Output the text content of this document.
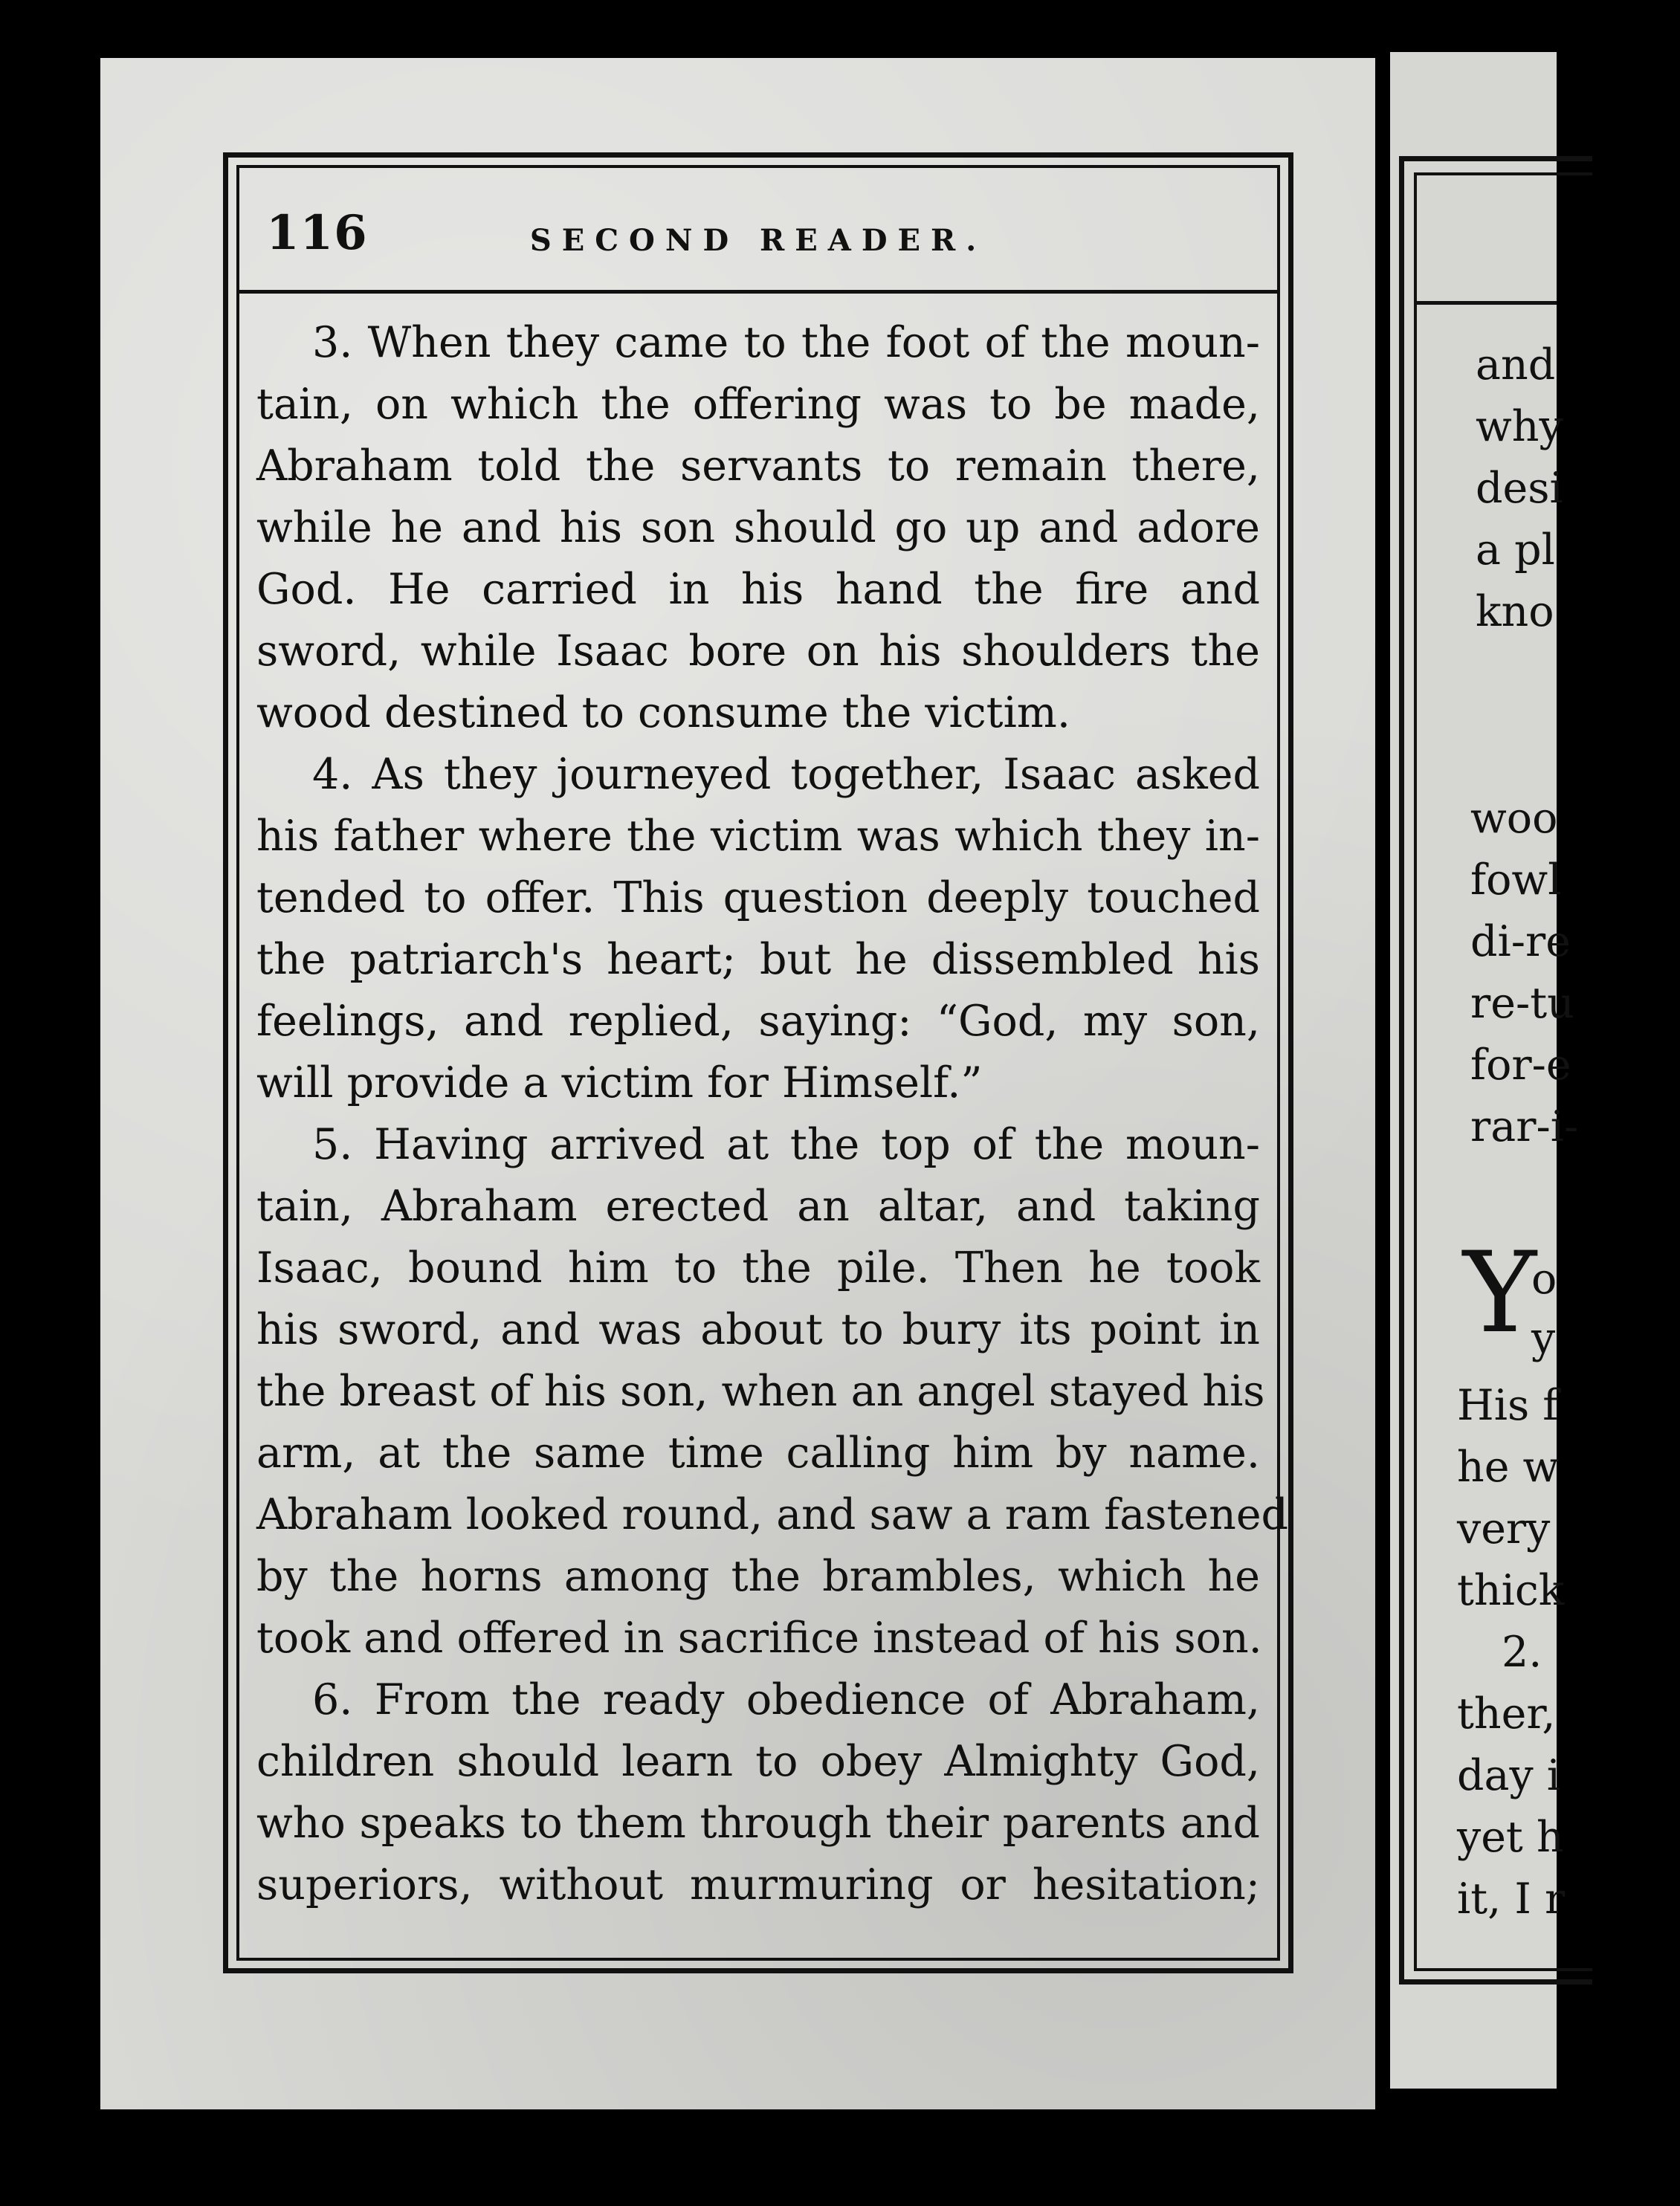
116	SECOND READER.
3. When they came to the foot of the moun-
tain, on which the offering was to be made,
Abraham told the servants to remain there,
while he and his son should go up and adore
God. He carried in his hand the fire and
sword, while Isaac bore on his shoulders the
wood destined to consume the victim.
4. As they journeyed together, Isaac asked
his father where the victim was which they in-
tended to offer. This question deeply touched
the patriarch's heart; but he dissembled his
feelings, and replied, saying: “God, my son,
will provide a victim for Himself.”
5. Having arrived at the top of the moun-
tain, Abraham erected an altar, and taking
Isaac, bound him to the pile. Then he took
his sword, and was about to bury its point in
the breast of his son, when an angel stayed his
arm, at the same time calling him by name.
Abraham looked round, and saw a ram fastened
by the horns among the brambles, which he
took and offered in sacrifice instead of his son.
6. From the ready obedience of Abraham,
children should learn to obey Almighty God,
who speaks to them through their parents and
superiors, without murmuring or hesitation;
and
why
desi
a pl
kno
woo
fowl
di-re
re-tu
for-e
rar-i-
Y
o
y
His f
he w
very
thick
2.
ther,
day i
yet h
it, I r
